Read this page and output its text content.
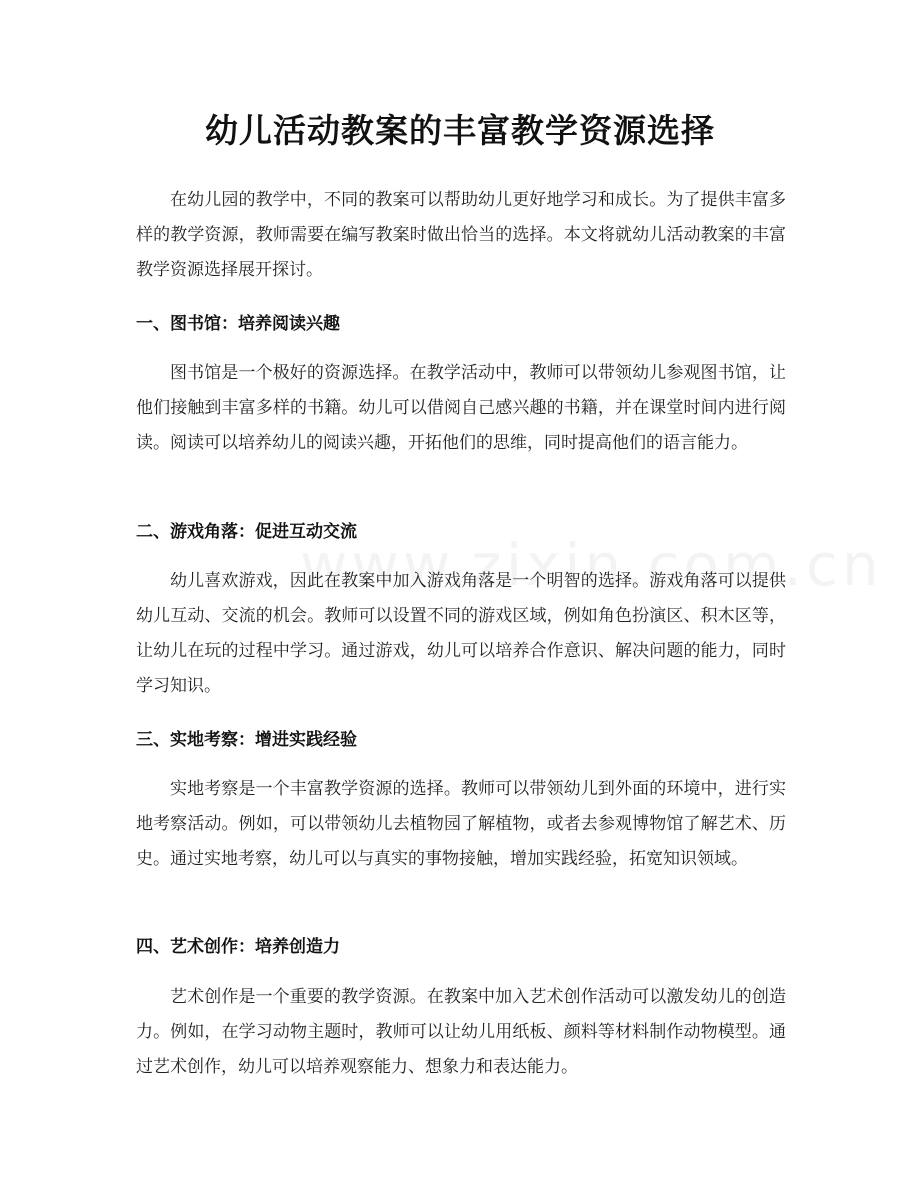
幼儿活动教案的丰富教学资源选择

在幼儿园的教学中，不同的教案可以帮助幼儿更好地学习和成长。为了提供丰富多样的教学资源，教师需要在编写教案时做出恰当的选择。本文将就幼儿活动教案的丰富教学资源选择展开探讨。

一、图书馆：培养阅读兴趣

图书馆是一个极好的资源选择。在教学活动中，教师可以带领幼儿参观图书馆，让他们接触到丰富多样的书籍。幼儿可以借阅自己感兴趣的书籍，并在课堂时间内进行阅读。阅读可以培养幼儿的阅读兴趣，开拓他们的思维，同时提高他们的语言能力。

二、游戏角落：促进互动交流

幼儿喜欢游戏，因此在教案中加入游戏角落是一个明智的选择。游戏角落可以提供幼儿互动、交流的机会。教师可以设置不同的游戏区域，例如角色扮演区、积木区等，让幼儿在玩的过程中学习。通过游戏，幼儿可以培养合作意识、解决问题的能力，同时学习知识。

三、实地考察：增进实践经验

实地考察是一个丰富教学资源的选择。教师可以带领幼儿到外面的环境中，进行实地考察活动。例如，可以带领幼儿去植物园了解植物，或者去参观博物馆了解艺术、历史。通过实地考察，幼儿可以与真实的事物接触，增加实践经验，拓宽知识领域。

四、艺术创作：培养创造力

艺术创作是一个重要的教学资源。在教案中加入艺术创作活动可以激发幼儿的创造力。例如，在学习动物主题时，教师可以让幼儿用纸板、颜料等材料制作动物模型。通过艺术创作，幼儿可以培养观察能力、想象力和表达能力。
